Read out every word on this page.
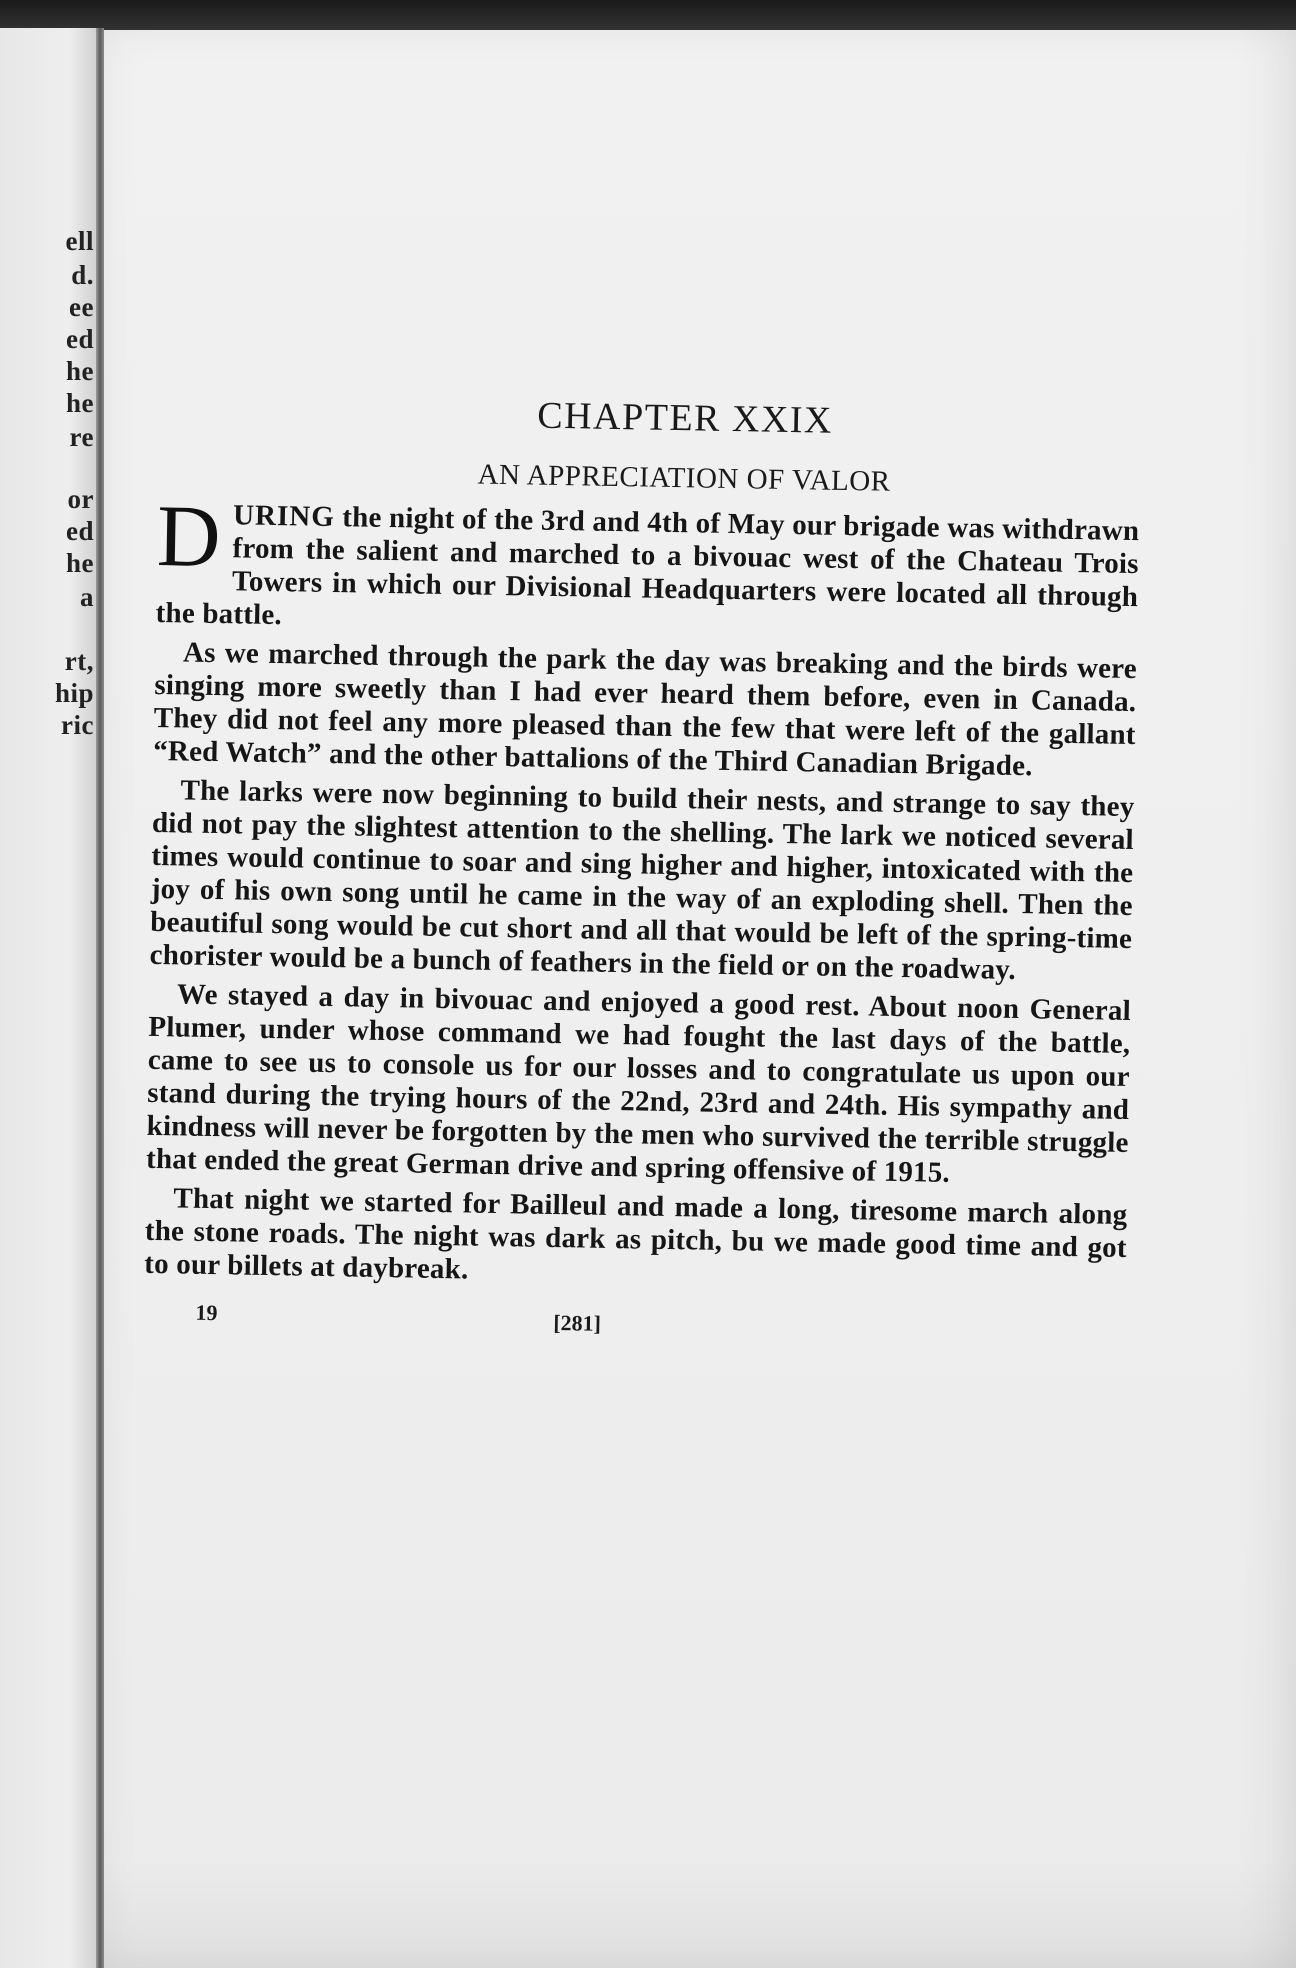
ell
d.
ee
ed
he
he
re
or
ed
he
a
rt,
hip
ric
CHAPTER XXIX
AN APPRECIATION OF VALOR

DURING the night of the 3rd and 4th of May our brigade was withdrawn from the salient and marched to a bivouac west of the Chateau Trois Towers in which our Divisional Headquarters were located all through the battle.

As we marched through the park the day was breaking and the birds were singing more sweetly than I had ever heard them before, even in Canada. They did not feel any more pleased than the few that were left of the gallant “Red Watch” and the other battalions of the Third Canadian Brigade.

The larks were now beginning to build their nests, and strange to say they did not pay the slightest attention to the shelling. The lark we noticed several times would continue to soar and sing higher and higher, intoxicated with the joy of his own song until he came in the way of an exploding shell. Then the beautiful song would be cut short and all that would be left of the spring-time chorister would be a bunch of feathers in the field or on the roadway.

We stayed a day in bivouac and enjoyed a good rest. About noon General Plumer, under whose command we had fought the last days of the battle, came to see us to console us for our losses and to congratulate us upon our stand during the trying hours of the 22nd, 23rd and 24th. His sympathy and kindness will never be forgotten by the men who survived the terrible struggle that ended the great German drive and spring offensive of 1915.

That night we started for Bailleul and made a long, tiresome march along the stone roads. The night was dark as pitch, bu we made good time and got to our billets at daybreak.

19	[281]
